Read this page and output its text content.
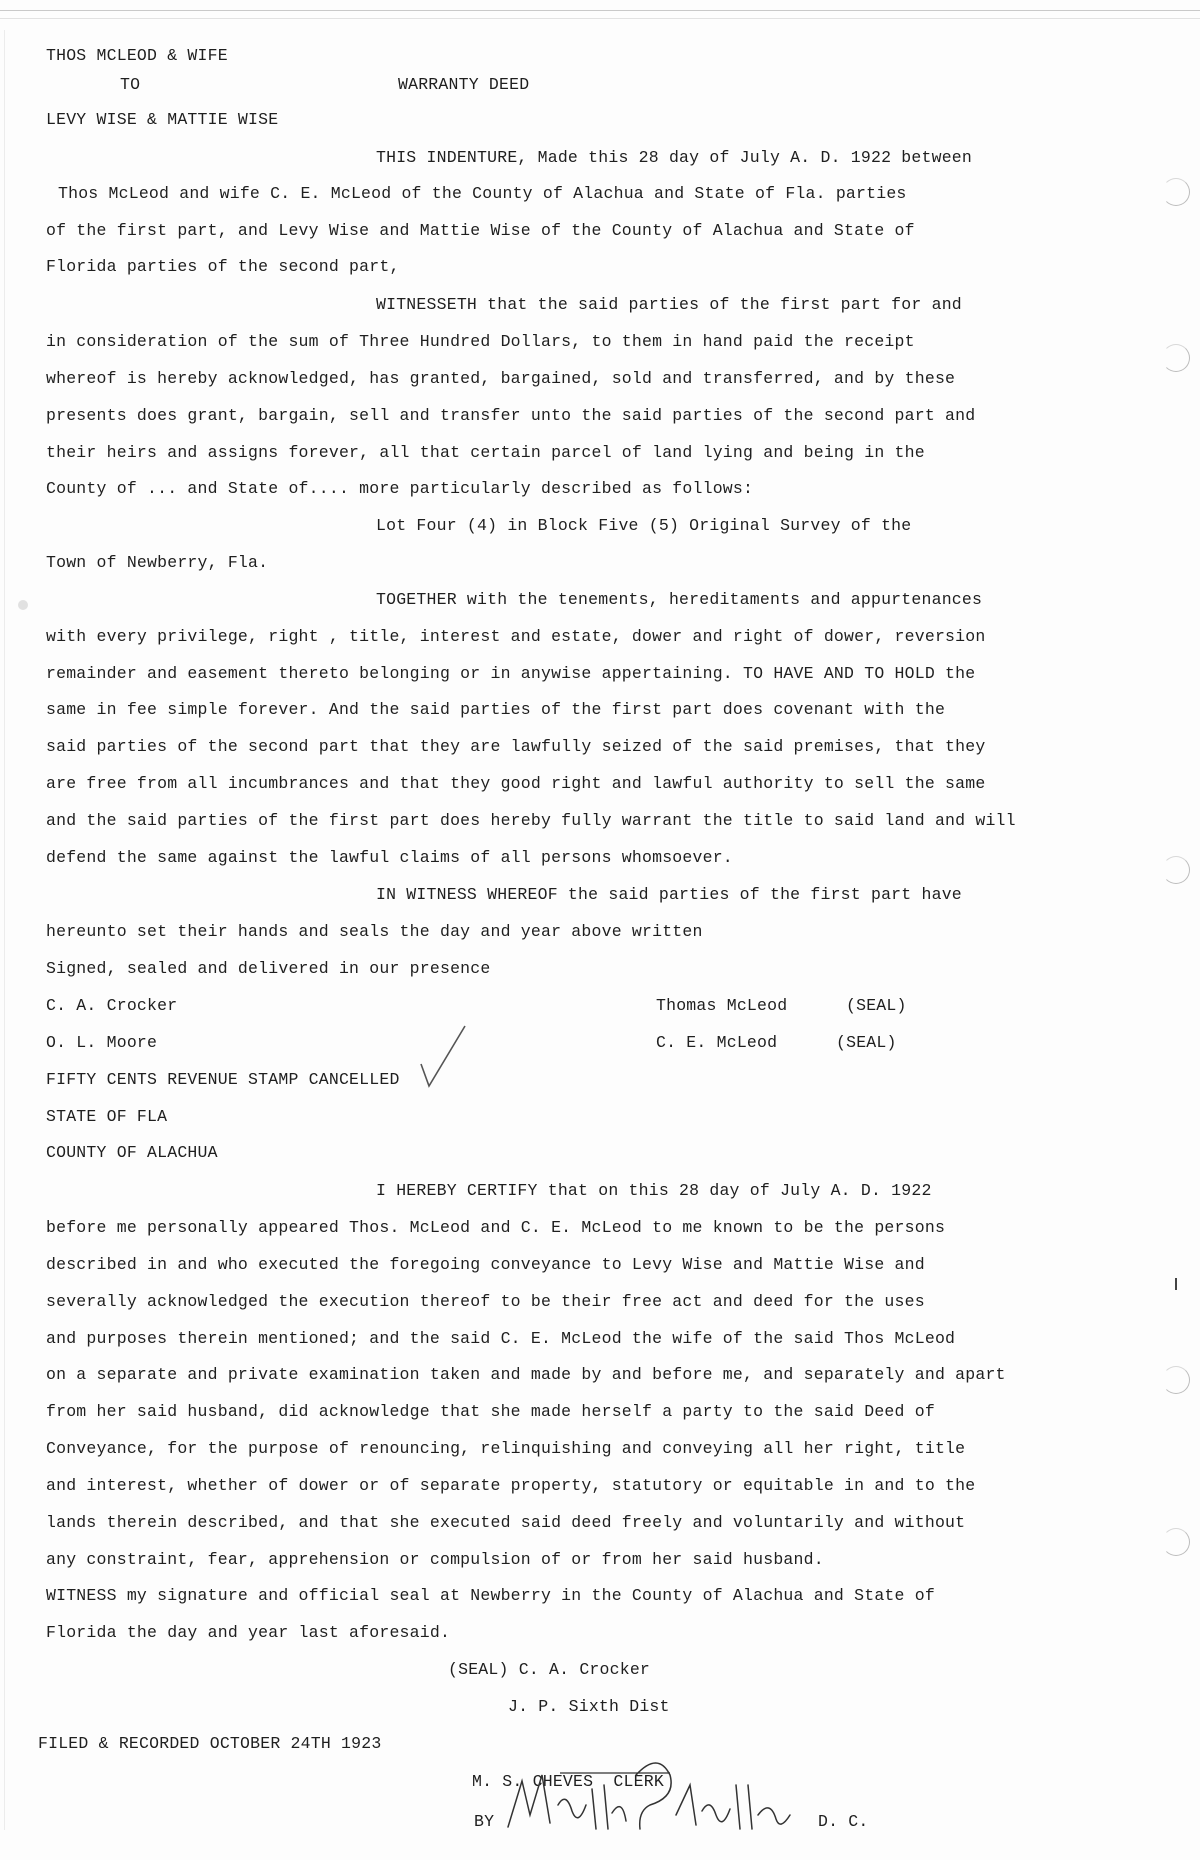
THOS MCLEOD & WIFE
TO	WARRANTY DEED
LEVY WISE & MATTIE WISE
THIS INDENTURE, Made this 28 day of July A. D. 1922 between
Thos McLeod and wife C. E. McLeod of the County of Alachua and State of Fla. parties
of the first part, and Levy Wise and Mattie Wise of the County of Alachua and State of
Florida parties of the second part,
WITNESSETH that the said parties of the first part for and
in consideration of the sum of Three Hundred Dollars, to them in hand paid the receipt
whereof is hereby acknowledged, has granted, bargained, sold and transferred, and by these
presents does grant, bargain, sell and transfer unto the said parties of the second part and
their heirs and assigns forever, all that certain parcel of land lying and being in the
County of ... and State of.... more particularly described as follows:
Lot Four (4) in Block Five (5) Original Survey of the
Town of Newberry, Fla.
TOGETHER with the tenements, hereditaments and appurtenances
with every privilege, right , title, interest and estate, dower and right of dower, reversion
remainder and easement thereto belonging or in anywise appertaining. TO HAVE AND TO HOLD the
same in fee simple forever. And the said parties of the first part does covenant with the
said parties of the second part that they are lawfully seized of the said premises, that they
are free from all incumbrances and that they good right and lawful authority to sell the same
and the said parties of the first part does hereby fully warrant the title to said land and will
defend the same against the lawful claims of all persons whomsoever.
IN WITNESS WHEREOF the said parties of the first part have
hereunto set their hands and seals the day and year above written
Signed, sealed and delivered in our presence
C. A. Crocker
O. L. Moore
Thomas McLeod	(SEAL)
C. E. McLeod	(SEAL)
FIFTY CENTS REVENUE STAMP CANCELLED
STATE OF FLA
COUNTY OF ALACHUA
I HEREBY CERTIFY that on this 28 day of July A. D. 1922
before me personally appeared Thos. McLeod and C. E. McLeod to me known to be the persons
described in and who executed the foregoing conveyance to Levy Wise and Mattie Wise and
severally acknowledged the execution thereof to be their free act and deed for the uses
and purposes therein mentioned; and the said C. E. McLeod the wife of the said Thos McLeod
on a separate and private examination taken and made by and before me, and separately and apart
from her said husband, did acknowledge that she made herself a party to the said Deed of
Conveyance, for the purpose of renouncing, relinquishing and conveying all her right, title
and interest, whether of dower or of separate property, statutory or equitable in and to the
lands therein described, and that she executed said deed freely and voluntarily and without
any constraint, fear, apprehension or compulsion of or from her said husband.
WITNESS my signature and official seal at Newberry in the County of Alachua and State of
Florida the day and year last aforesaid.
(SEAL) C. A. Crocker
J. P. Sixth Dist
FILED & RECORDED OCTOBER 24TH 1923
M. S. CHEVES  CLERK
BY	D. C.
